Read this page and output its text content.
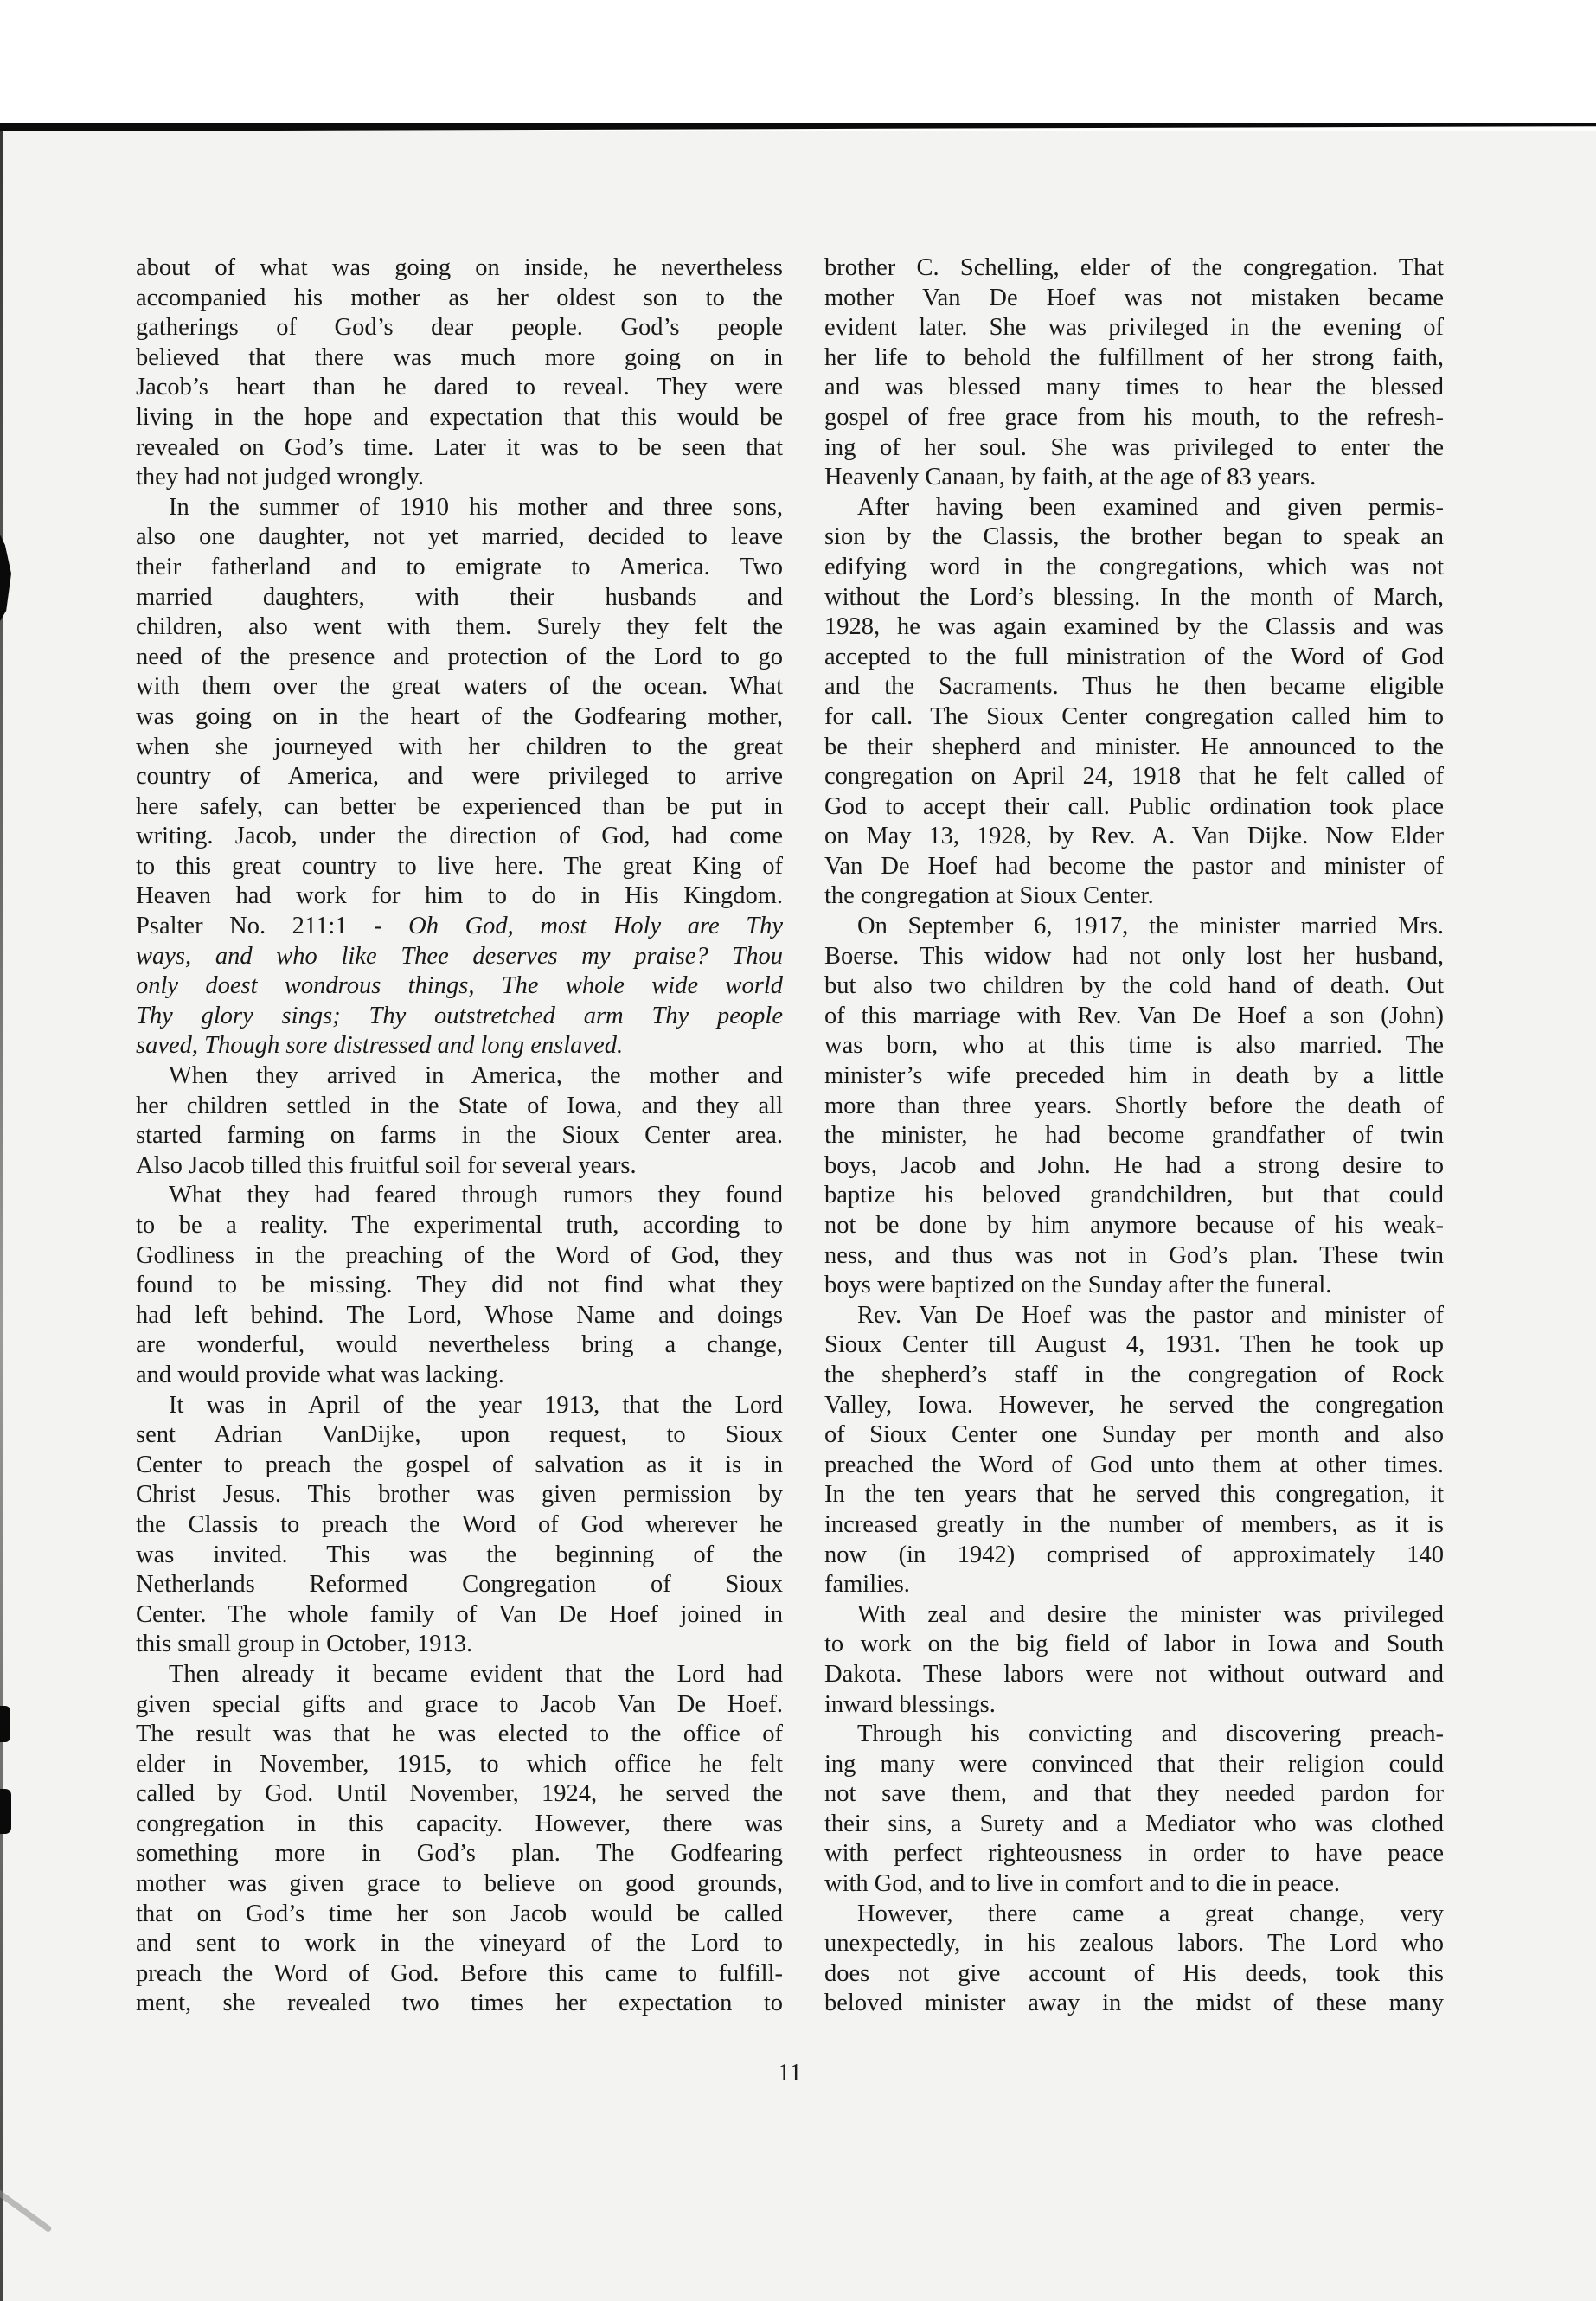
about of what was going on inside, he nevertheless
accompanied his mother as her oldest son to the
gatherings of God’s dear people. God’s people
believed that there was much more going on in
Jacob’s heart than he dared to reveal. They were
living in the hope and expectation that this would be
revealed on God’s time. Later it was to be seen that
they had not judged wrongly.
In the summer of 1910 his mother and three sons,
also one daughter, not yet married, decided to leave
their fatherland and to emigrate to America. Two
married daughters, with their husbands and
children, also went with them. Surely they felt the
need of the presence and protection of the Lord to go
with them over the great waters of the ocean. What
was going on in the heart of the Godfearing mother,
when she journeyed with her children to the great
country of America, and were privileged to arrive
here safely, can better be experienced than be put in
writing. Jacob, under the direction of God, had come
to this great country to live here. The great King of
Heaven had work for him to do in His Kingdom.
Psalter No. 211:1 - Oh God, most Holy are Thy
ways, and who like Thee deserves my praise? Thou
only doest wondrous things, The whole wide world
Thy glory sings; Thy outstretched arm Thy people
saved, Though sore distressed and long enslaved.
When they arrived in America, the mother and
her children settled in the State of Iowa, and they all
started farming on farms in the Sioux Center area.
Also Jacob tilled this fruitful soil for several years.
What they had feared through rumors they found
to be a reality. The experimental truth, according to
Godliness in the preaching of the Word of God, they
found to be missing. They did not find what they
had left behind. The Lord, Whose Name and doings
are wonderful, would nevertheless bring a change,
and would provide what was lacking.
It was in April of the year 1913, that the Lord
sent Adrian VanDijke, upon request, to Sioux
Center to preach the gospel of salvation as it is in
Christ Jesus. This brother was given permission by
the Classis to preach the Word of God wherever he
was invited. This was the beginning of the
Netherlands Reformed Congregation of Sioux
Center. The whole family of Van De Hoef joined in
this small group in October, 1913.
Then already it became evident that the Lord had
given special gifts and grace to Jacob Van De Hoef.
The result was that he was elected to the office of
elder in November, 1915, to which office he felt
called by God. Until November, 1924, he served the
congregation in this capacity. However, there was
something more in God’s plan. The Godfearing
mother was given grace to believe on good grounds,
that on God’s time her son Jacob would be called
and sent to work in the vineyard of the Lord to
preach the Word of God. Before this came to fulfill-
ment, she revealed two times her expectation to
brother C. Schelling, elder of the congregation. That
mother Van De Hoef was not mistaken became
evident later. She was privileged in the evening of
her life to behold the fulfillment of her strong faith,
and was blessed many times to hear the blessed
gospel of free grace from his mouth, to the refresh-
ing of her soul. She was privileged to enter the
Heavenly Canaan, by faith, at the age of 83 years.
After having been examined and given permis-
sion by the Classis, the brother began to speak an
edifying word in the congregations, which was not
without the Lord’s blessing. In the month of March,
1928, he was again examined by the Classis and was
accepted to the full ministration of the Word of God
and the Sacraments. Thus he then became eligible
for call. The Sioux Center congregation called him to
be their shepherd and minister. He announced to the
congregation on April 24, 1918 that he felt called of
God to accept their call. Public ordination took place
on May 13, 1928, by Rev. A. Van Dijke. Now Elder
Van De Hoef had become the pastor and minister of
the congregation at Sioux Center.
On September 6, 1917, the minister married Mrs.
Boerse. This widow had not only lost her husband,
but also two children by the cold hand of death. Out
of this marriage with Rev. Van De Hoef a son (John)
was born, who at this time is also married. The
minister’s wife preceded him in death by a little
more than three years. Shortly before the death of
the minister, he had become grandfather of twin
boys, Jacob and John. He had a strong desire to
baptize his beloved grandchildren, but that could
not be done by him anymore because of his weak-
ness, and thus was not in God’s plan. These twin
boys were baptized on the Sunday after the funeral.
Rev. Van De Hoef was the pastor and minister of
Sioux Center till August 4, 1931. Then he took up
the shepherd’s staff in the congregation of Rock
Valley, Iowa. However, he served the congregation
of Sioux Center one Sunday per month and also
preached the Word of God unto them at other times.
In the ten years that he served this congregation, it
increased greatly in the number of members, as it is
now (in 1942) comprised of approximately 140
families.
With zeal and desire the minister was privileged
to work on the big field of labor in Iowa and South
Dakota. These labors were not without outward and
inward blessings.
Through his convicting and discovering preach-
ing many were convinced that their religion could
not save them, and that they needed pardon for
their sins, a Surety and a Mediator who was clothed
with perfect righteousness in order to have peace
with God, and to live in comfort and to die in peace.
However, there came a great change, very
unexpectedly, in his zealous labors. The Lord who
does not give account of His deeds, took this
beloved minister away in the midst of these many
11
